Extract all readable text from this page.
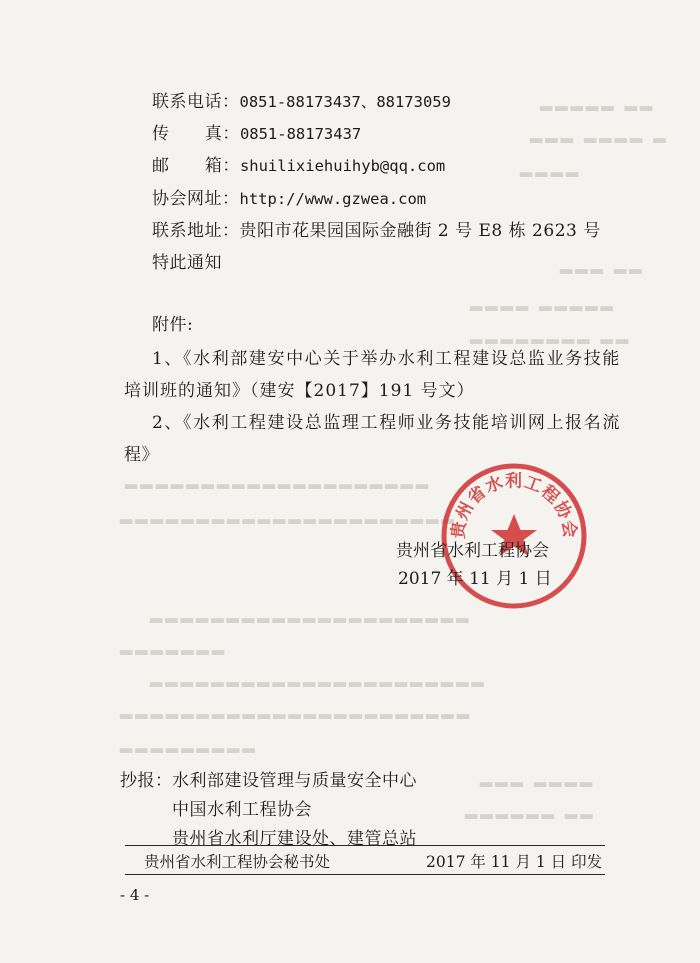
▂▂▂▂▂ ▂▂
▂▂▂ ▂▂▂▂ ▂
▂▂▂▂
▂▂▂ ▂▂
▂▂▂▂ ▂▂▂▂▂
▂▂▂▂▂▂▂▂ ▂▂
▂▂▂▂▂▂▂▂▂▂▂▂▂▂▂▂▂▂▂▂
▂▂▂▂▂▂▂▂▂▂▂▂▂▂▂▂▂▂▂▂▂▂
▂▂▂▂▂▂▂▂▂▂▂▂▂▂▂▂▂▂▂▂▂
▂▂▂▂▂▂▂
▂▂▂▂▂▂▂▂▂▂▂▂▂▂▂▂▂▂▂▂▂▂
▂▂▂▂▂▂▂▂▂▂▂▂▂▂▂▂▂▂▂▂▂▂▂
▂▂▂▂▂▂▂▂▂
▂▂▂ ▂▂▂▂
▂▂▂▂▂▂ ▂▂
联系电话：0851-88173437、88173059
传      真：0851-88173437
邮      箱：shuilixiehuihyb@qq.com
协会网址：http://www.gzwea.com
联系地址：贵阳市花果园国际金融街 2 号 E8 栋 2623 号
特此通知
附件:
1、《水利部建安中心关于举办水利工程建设总监业务技能
培训班的通知》（建安【2017】191 号文）
2、《水利工程建设总监理工程师业务技能培训网上报名流
程》
贵州省水利工程协会
贵州省水利工程协会
2017 年 11 月 1 日
抄报： 水利部建设管理与质量安全中心
中国水利工程协会
贵州省水利厅建设处、建管总站
贵州省水利工程协会秘书处	2017 年 11 月 1 日 印发
- 4 -
